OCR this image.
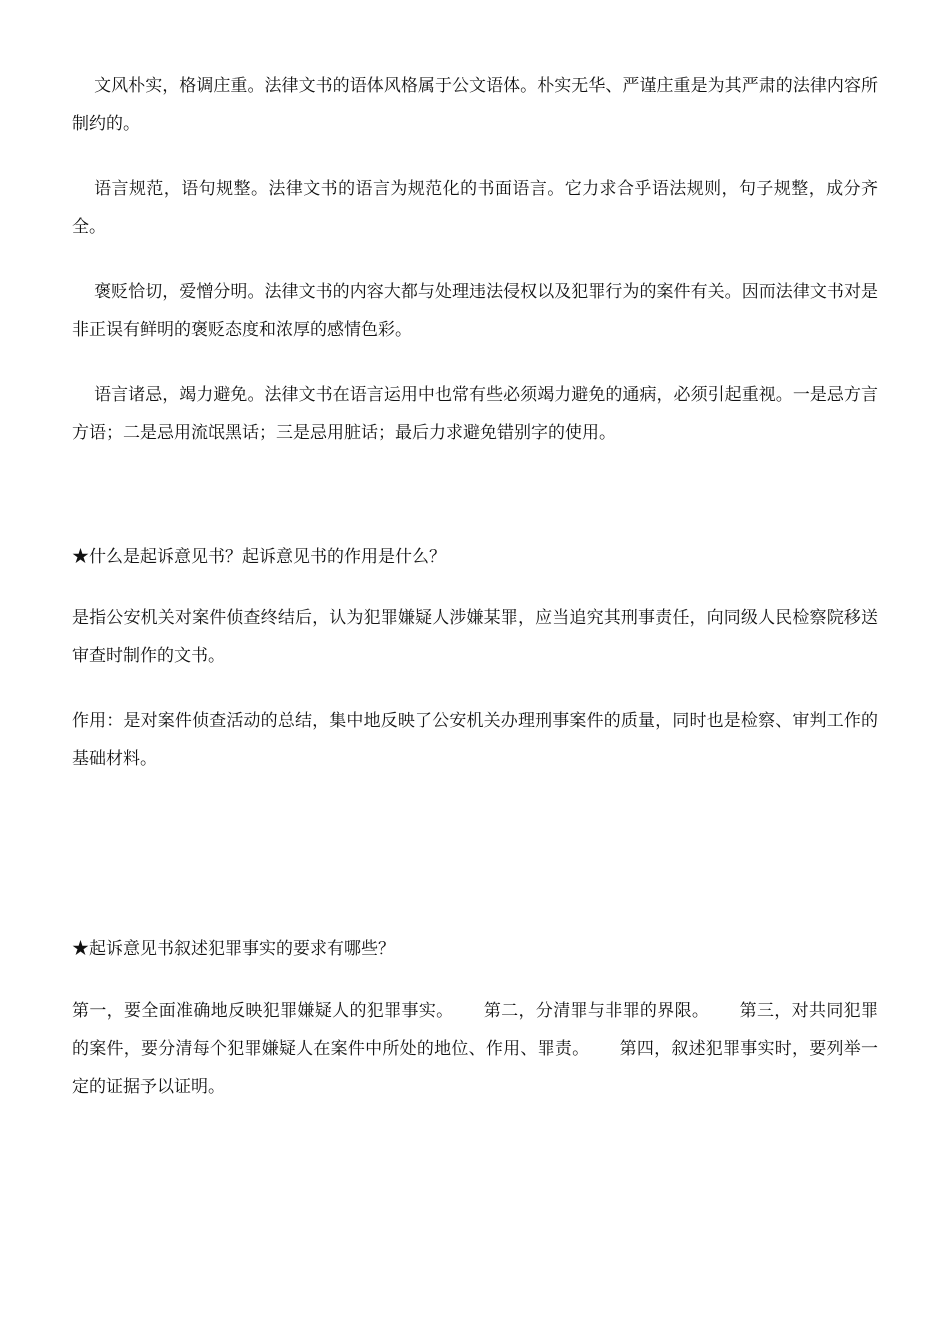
文风朴实，格调庄重。法律文书的语体风格属于公文语体。朴实无华、严谨庄重是为其严肃的法律内容所制约的。

语言规范，语句规整。法律文书的语言为规范化的书面语言。它力求合乎语法规则，句子规整，成分齐全。

褒贬恰切，爱憎分明。法律文书的内容大都与处理违法侵权以及犯罪行为的案件有关。因而法律文书对是非正误有鲜明的褒贬态度和浓厚的感情色彩。

语言诸忌，竭力避免。法律文书在语言运用中也常有些必须竭力避免的通病，必须引起重视。一是忌方言方语；二是忌用流氓黑话；三是忌用脏话；最后力求避免错别字的使用。

★什么是起诉意见书？起诉意见书的作用是什么？

是指公安机关对案件侦查终结后，认为犯罪嫌疑人涉嫌某罪，应当追究其刑事责任，向同级人民检察院移送审查时制作的文书。

作用：是对案件侦查活动的总结，集中地反映了公安机关办理刑事案件的质量，同时也是检察、审判工作的基础材料。

★起诉意见书叙述犯罪事实的要求有哪些？

第一，要全面准确地反映犯罪嫌疑人的犯罪事实。 第二，分清罪与非罪的界限。 第三，对共同犯罪的案件，要分清每个犯罪嫌疑人在案件中所处的地位、作用、罪责。 第四，叙述犯罪事实时，要列举一定的证据予以证明。
